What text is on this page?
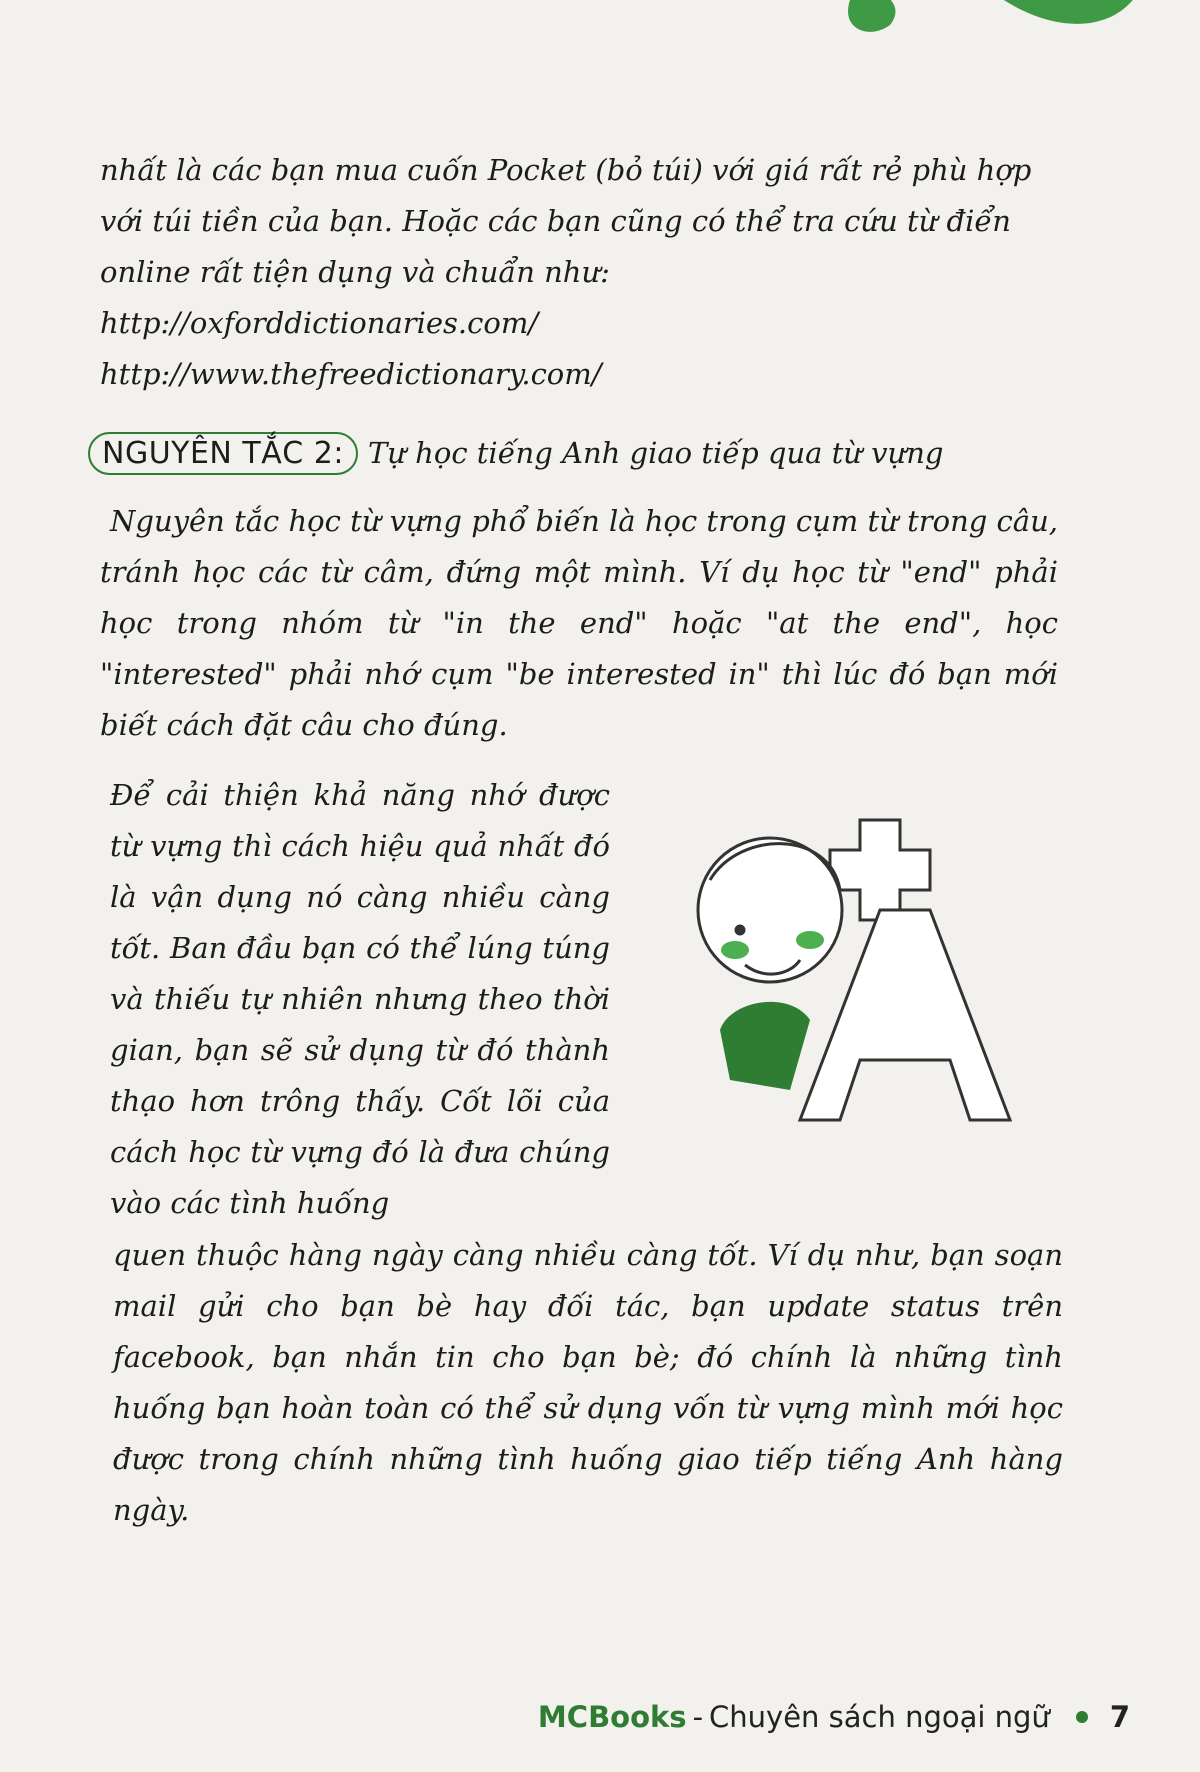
nhất là các bạn mua cuốn Pocket (bỏ túi) với giá rất rẻ phù hợp

với túi tiền của bạn. Hoặc các bạn cũng có thể tra cứu từ điển

online rất tiện dụng và chuẩn như:

http://oxforddictionaries.com/
http://www.thefreedictionary.com/
NGUYÊN TẮC 2: Tự học tiếng Anh giao tiếp qua từ vựng

Nguyên tắc học từ vựng phổ biến là học trong cụm từ trong câu, tránh học các từ câm, đứng một mình. Ví dụ học từ "end" phải học trong nhóm từ "in the end" hoặc "at the end", học "interested" phải nhớ cụm "be interested in" thì lúc đó bạn mới biết cách đặt câu cho đúng.

Để cải thiện khả năng nhớ được từ vựng thì cách hiệu quả nhất đó là vận dụng nó càng nhiều càng tốt. Ban đầu bạn có thể lúng túng và thiếu tự nhiên nhưng theo thời gian, bạn sẽ sử dụng từ đó thành thạo hơn trông thấy. Cốt lõi của cách học từ vựng đó là đưa chúng vào các tình huống

quen thuộc hàng ngày càng nhiều càng tốt. Ví dụ như, bạn soạn mail gửi cho bạn bè hay đối tác, bạn update status trên facebook, bạn nhắn tin cho bạn bè; đó chính là những tình huống bạn hoàn toàn có thể sử dụng vốn từ vựng mình mới học được trong chính những tình huống giao tiếp tiếng Anh hàng ngày.

MCBooks - Chuyên sách ngoại ngữ 7
